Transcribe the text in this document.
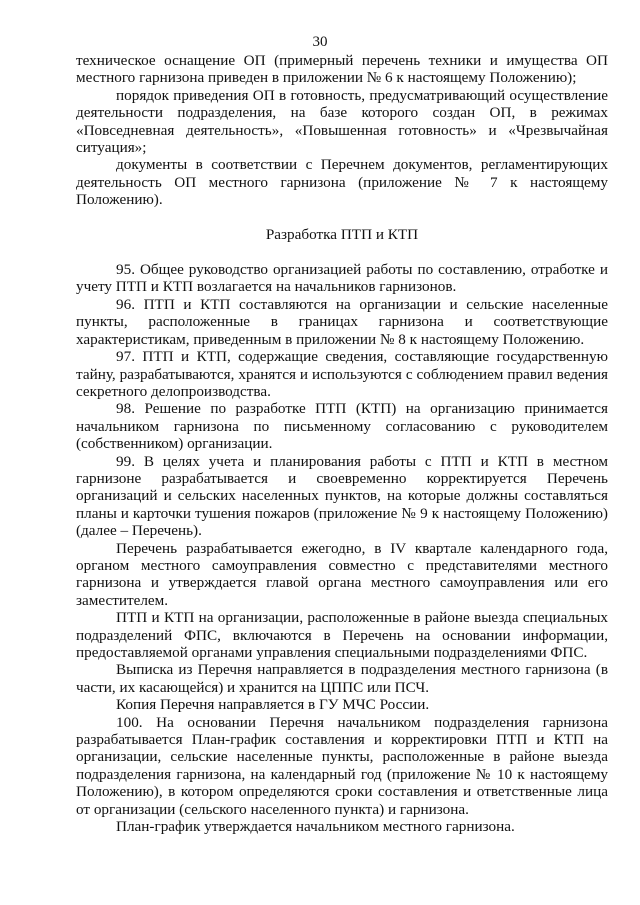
30

техническое оснащение ОП (примерный перечень техники и имущества ОП местного гарнизона приведен в приложении № 6 к настоящему Положению);

порядок приведения ОП в готовность, предусматривающий осуществление деятельности подразделения, на базе которого создан ОП, в режимах «Повседневная деятельность», «Повышенная готовность» и «Чрезвычайная ситуация»;

документы в соответствии с Перечнем документов, регламентирующих деятельность ОП местного гарнизона (приложение № 7 к настоящему Положению).

Разработка ПТП и КТП

95. Общее руководство организацией работы по составлению, отработке и учету ПТП и КТП возлагается на начальников гарнизонов.

96. ПТП и КТП составляются на организации и сельские населенные пункты, расположенные в границах гарнизона и соответствующие характеристикам, приведенным в приложении № 8 к настоящему Положению.

97. ПТП и КТП, содержащие сведения, составляющие государственную тайну, разрабатываются, хранятся и используются с соблюдением правил ведения секретного делопроизводства.

98. Решение по разработке ПТП (КТП) на организацию принимается начальником гарнизона по письменному согласованию с руководителем (собственником) организации.

99. В целях учета и планирования работы с ПТП и КТП в местном гарнизоне разрабатывается и своевременно корректируется Перечень организаций и сельских населенных пунктов, на которые должны составляться планы и карточки тушения пожаров (приложение № 9 к настоящему Положению) (далее – Перечень).

Перечень разрабатывается ежегодно, в IV квартале календарного года, органом местного самоуправления совместно с представителями местного гарнизона и утверждается главой органа местного самоуправления или его заместителем.

ПТП и КТП на организации, расположенные в районе выезда специальных подразделений ФПС, включаются в Перечень на основании информации, предоставляемой органами управления специальными подразделениями ФПС.

Выписка из Перечня направляется в подразделения местного гарнизона (в части, их касающейся) и хранится на ЦППС или ПСЧ.

Копия Перечня направляется в ГУ МЧС России.

100. На основании Перечня начальником подразделения гарнизона разрабатывается План-график составления и корректировки ПТП и КТП на организации, сельские населенные пункты, расположенные в районе выезда подразделения гарнизона, на календарный год (приложение № 10 к настоящему Положению), в котором определяются сроки составления и ответственные лица от организации (сельского населенного пункта) и гарнизона.

План-график утверждается начальником местного гарнизона.
